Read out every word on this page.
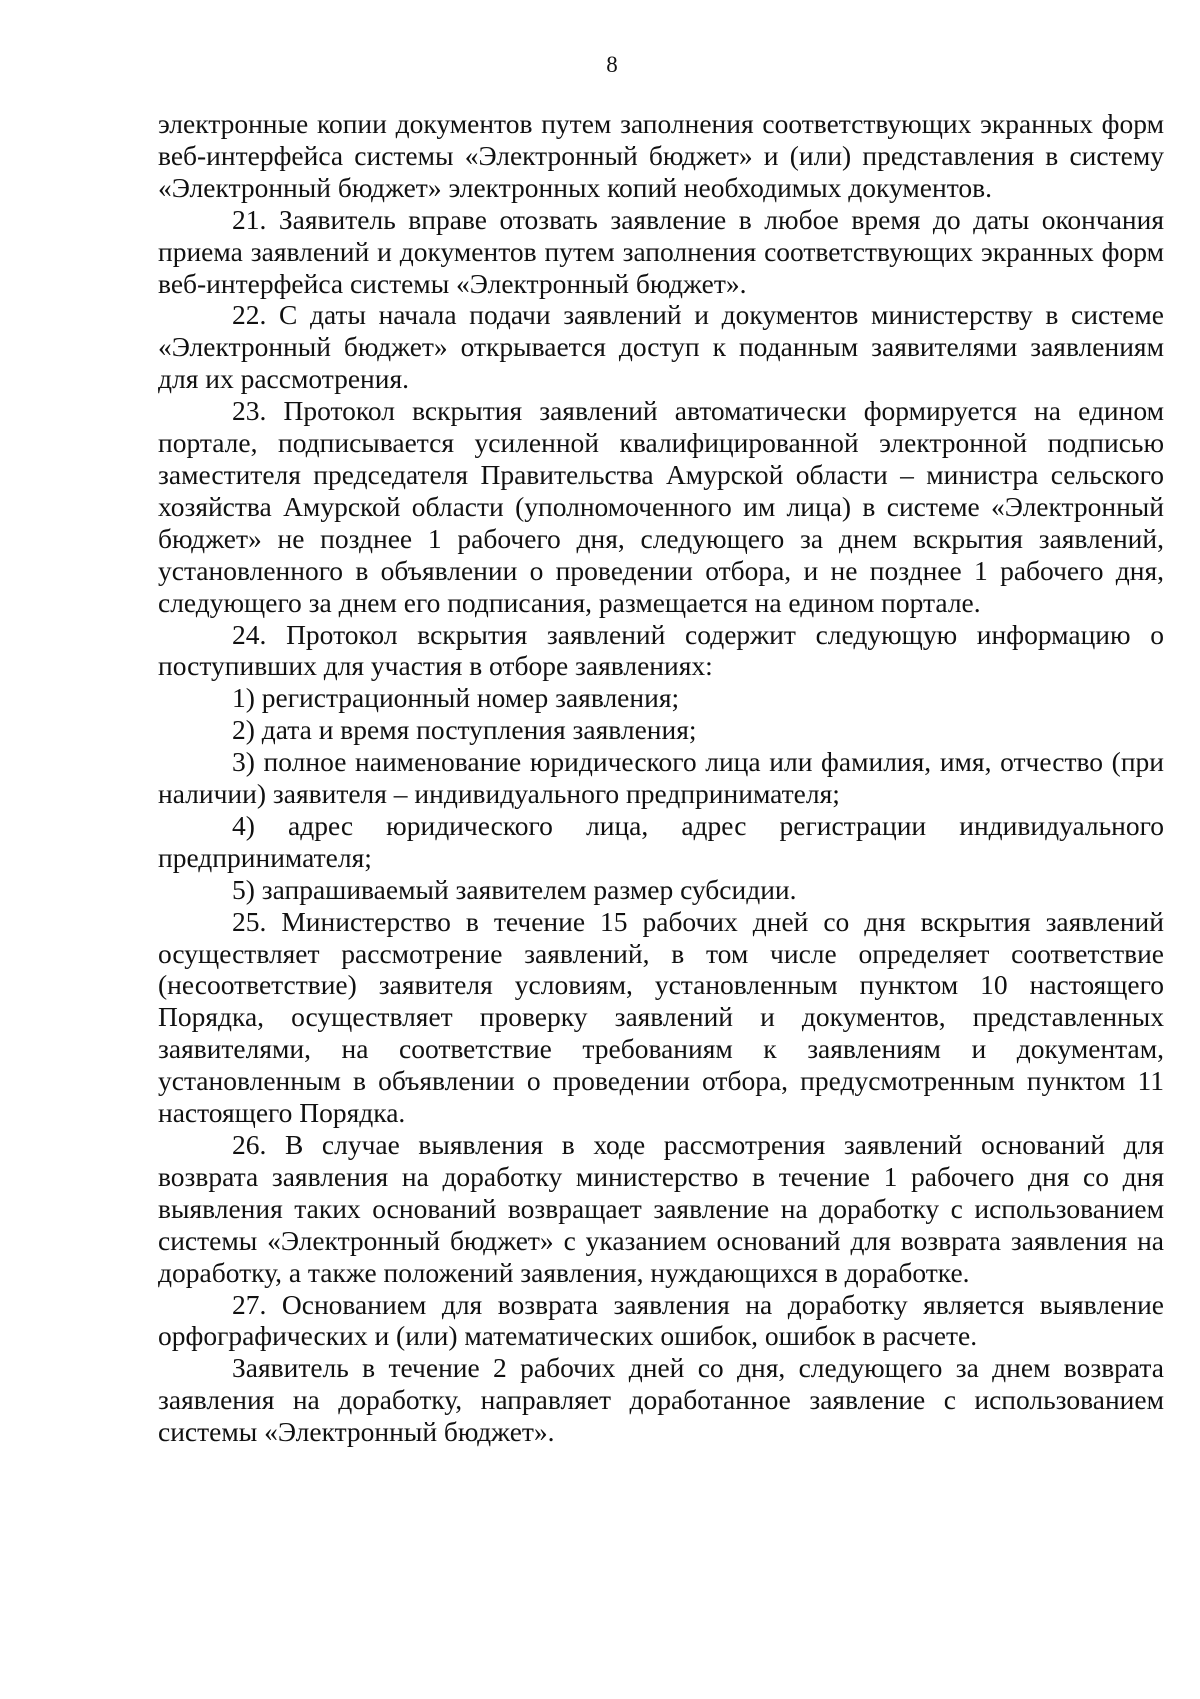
8

электронные копии документов путем заполнения соответствующих экранных форм веб-интерфейса системы «Электронный бюджет» и (или) представления в систему «Электронный бюджет» электронных копий необходимых документов.

21. Заявитель вправе отозвать заявление в любое время до даты окончания приема заявлений и документов путем заполнения соответствующих экранных форм веб-интерфейса системы «Электронный бюджет».

22. С даты начала подачи заявлений и документов министерству в системе «Электронный бюджет» открывается доступ к поданным заявителями заявлениям для их рассмотрения.

23. Протокол вскрытия заявлений автоматически формируется на едином портале, подписывается усиленной квалифицированной электронной подписью заместителя председателя Правительства Амурской области – министра сельского хозяйства Амурской области (уполномоченного им лица) в системе «Электронный бюджет» не позднее 1 рабочего дня, следующего за днем вскрытия заявлений, установленного в объявлении о проведении отбора, и не позднее 1 рабочего дня, следующего за днем его подписания, размещается на едином портале.

24. Протокол вскрытия заявлений содержит следующую информацию о поступивших для участия в отборе заявлениях:

1) регистрационный номер заявления;

2) дата и время поступления заявления;

3) полное наименование юридического лица или фамилия, имя, отчество (при наличии) заявителя – индивидуального предпринимателя;

4) адрес юридического лица, адрес регистрации индивидуального предпринимателя;

5) запрашиваемый заявителем размер субсидии.

25. Министерство в течение 15 рабочих дней со дня вскрытия заявлений осуществляет рассмотрение заявлений, в том числе определяет соответствие (несоответствие) заявителя условиям, установленным пунктом 10 настоящего Порядка, осуществляет проверку заявлений и документов, представленных заявителями, на соответствие требованиям к заявлениям и документам, установленным в объявлении о проведении отбора, предусмотренным пунктом 11 настоящего Порядка.

26. В случае выявления в ходе рассмотрения заявлений оснований для возврата заявления на доработку министерство в течение 1 рабочего дня со дня выявления таких оснований возвращает заявление на доработку с использованием системы «Электронный бюджет» с указанием оснований для возврата заявления на доработку, а также положений заявления, нуждающихся в доработке.

27. Основанием для возврата заявления на доработку является выявление орфографических и (или) математических ошибок, ошибок в расчете.

Заявитель в течение 2 рабочих дней со дня, следующего за днем возврата заявления на доработку, направляет доработанное заявление с использованием системы «Электронный бюджет».
